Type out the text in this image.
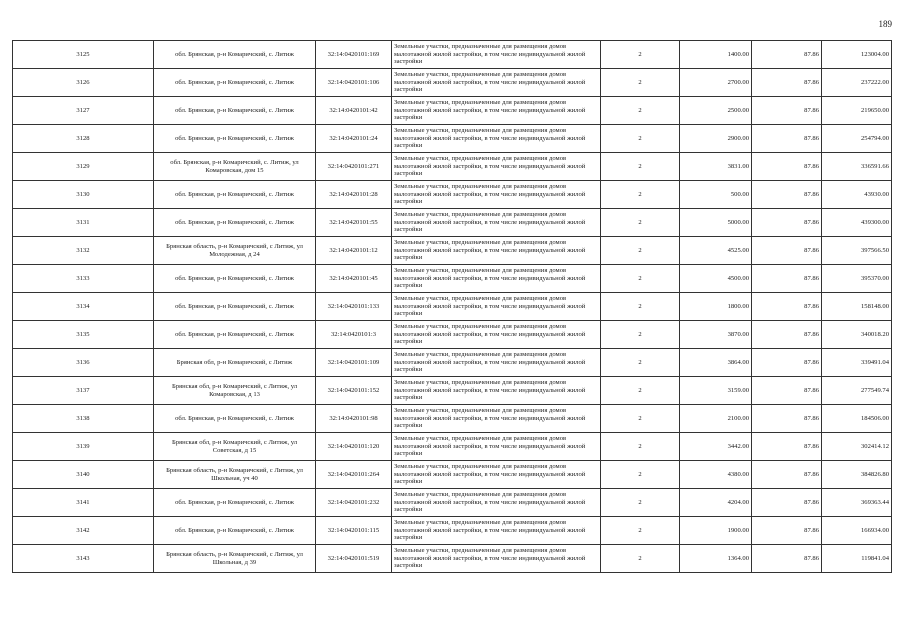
189
3125	обл. Брянская, р-н Комаричский, с. Литиж	32:14:0420101:169	Земельные участки, предназначенные для размещения домов малоэтажной жилой застройки, в том числе индивидуальной жилой застройки	2	1400.00	87.86	123004.00
3126	обл. Брянская, р-н Комаричский, с. Литиж	32:14:0420101:106	Земельные участки, предназначенные для размещения домов малоэтажной жилой застройки, в том числе индивидуальной жилой застройки	2	2700.00	87.86	237222.00
3127	обл. Брянская, р-н Комаричский, с. Литиж	32:14:0420101:42	Земельные участки, предназначенные для размещения домов малоэтажной жилой застройки, в том числе индивидуальной жилой застройки	2	2500.00	87.86	219650.00
3128	обл. Брянская, р-н Комаричский, с. Литиж	32:14:0420101:24	Земельные участки, предназначенные для размещения домов малоэтажной жилой застройки, в том числе индивидуальной жилой застройки	2	2900.00	87.86	254794.00
3129	обл. Брянская, р-н Комаричский, с. Литиж, ул Комаровская, дом 15	32:14:0420101:271	Земельные участки, предназначенные для размещения домов малоэтажной жилой застройки, в том числе индивидуальной жилой застройки	2	3831.00	87.86	336591.66
3130	обл. Брянская, р-н Комаричский, с. Литиж	32:14:0420101:28	Земельные участки, предназначенные для размещения домов малоэтажной жилой застройки, в том числе индивидуальной жилой застройки	2	500.00	87.86	43930.00
3131	обл. Брянская, р-н Комаричский, с. Литиж	32:14:0420101:55	Земельные участки, предназначенные для размещения домов малоэтажной жилой застройки, в том числе индивидуальной жилой застройки	2	5000.00	87.86	439300.00
3132	Брянская область, р-н Комаричский, с Литиж, ул Молодежная, д 24	32:14:0420101:12	Земельные участки, предназначенные для размещения домов малоэтажной жилой застройки, в том числе индивидуальной жилой застройки	2	4525.00	87.86	397566.50
3133	обл. Брянская, р-н Комаричский, с. Литиж	32:14:0420101:45	Земельные участки, предназначенные для размещения домов малоэтажной жилой застройки, в том числе индивидуальной жилой застройки	2	4500.00	87.86	395370.00
3134	обл. Брянская, р-н Комаричский, с. Литиж	32:14:0420101:133	Земельные участки, предназначенные для размещения домов малоэтажной жилой застройки, в том числе индивидуальной жилой застройки	2	1800.00	87.86	158148.00
3135	обл. Брянская, р-н Комаричский, с. Литиж	32:14:0420101:3	Земельные участки, предназначенные для размещения домов малоэтажной жилой застройки, в том числе индивидуальной жилой застройки	2	3870.00	87.86	340018.20
3136	Брянская обл, р-н Комаричский, с Литиж	32:14:0420101:109	Земельные участки, предназначенные для размещения домов малоэтажной жилой застройки, в том числе индивидуальной жилой застройки	2	3864.00	87.86	339491.04
3137	Брянская обл, р-н Комаричский, с Литиж, ул Комаровская, д 13	32:14:0420101:152	Земельные участки, предназначенные для размещения домов малоэтажной жилой застройки, в том числе индивидуальной жилой застройки	2	3159.00	87.86	277549.74
3138	обл. Брянская, р-н Комаричский, с. Литиж	32:14:0420101:98	Земельные участки, предназначенные для размещения домов малоэтажной жилой застройки, в том числе индивидуальной жилой застройки	2	2100.00	87.86	184506.00
3139	Брянская обл, р-н Комаричский, с Литиж, ул Советская, д 15	32:14:0420101:120	Земельные участки, предназначенные для размещения домов малоэтажной жилой застройки, в том числе индивидуальной жилой застройки	2	3442.00	87.86	302414.12
3140	Брянская область, р-н Комаричский, с Литиж, ул Школьная, уч 40	32:14:0420101:264	Земельные участки, предназначенные для размещения домов малоэтажной жилой застройки, в том числе индивидуальной жилой застройки	2	4380.00	87.86	384826.80
3141	обл. Брянская, р-н Комаричский, с. Литиж	32:14:0420101:232	Земельные участки, предназначенные для размещения домов малоэтажной жилой застройки, в том числе индивидуальной жилой застройки	2	4204.00	87.86	369363.44
3142	обл. Брянская, р-н Комаричский, с. Литиж	32:14:0420101:115	Земельные участки, предназначенные для размещения домов малоэтажной жилой застройки, в том числе индивидуальной жилой застройки	2	1900.00	87.86	166934.00
3143	Брянская область, р-н Комаричский, с Литиж, ул Школьная, д 39	32:14:0420101:519	Земельные участки, предназначенные для размещения домов малоэтажной жилой застройки, в том числе индивидуальной жилой застройки	2	1364.00	87.86	119841.04
